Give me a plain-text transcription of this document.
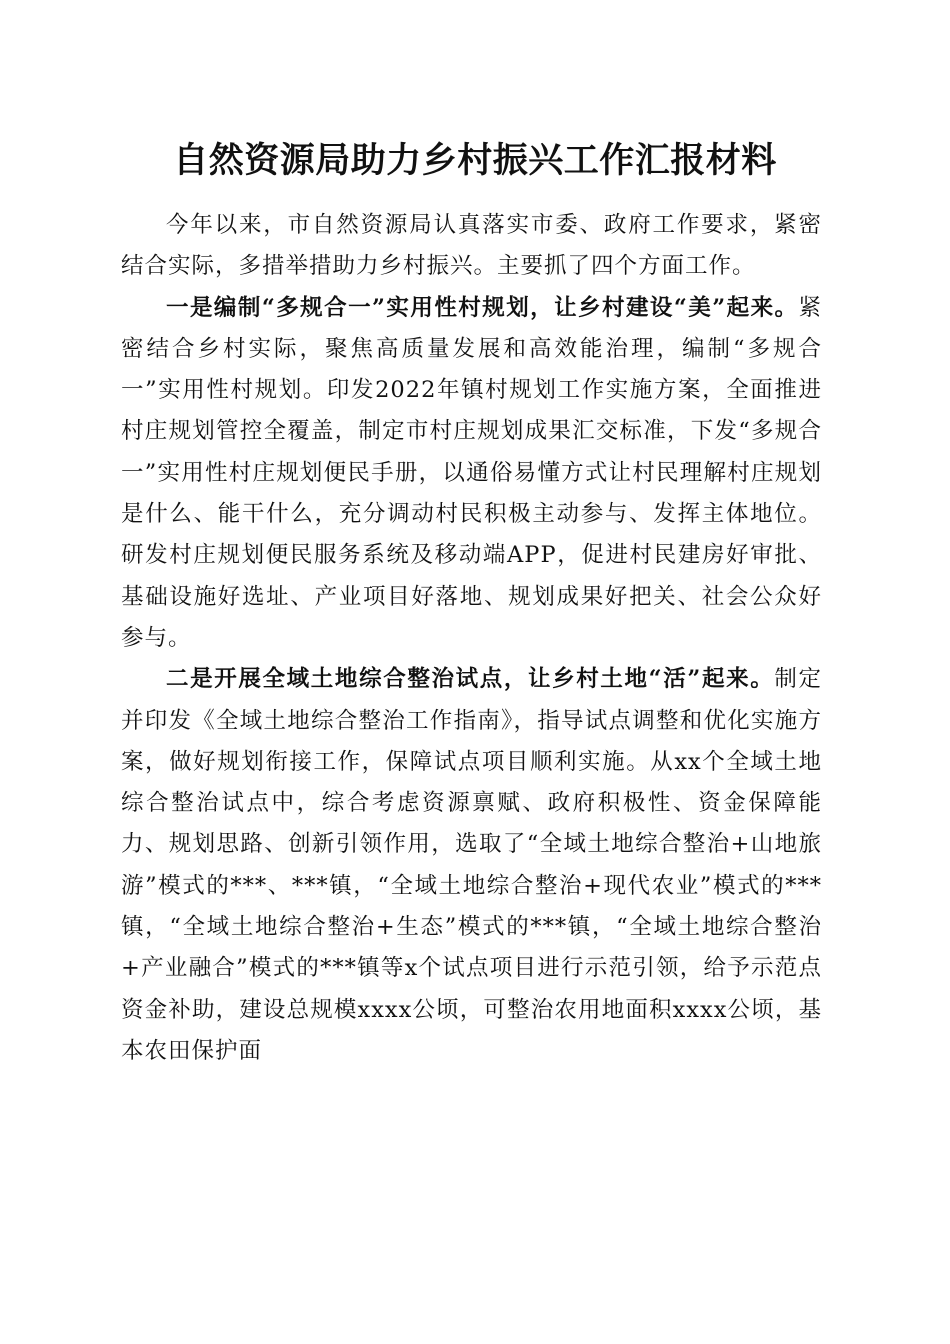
自然资源局助力乡村振兴工作汇报材料

今年以来，市自然资源局认真落实市委、政府工作要求，紧密结合实际，多措举措助力乡村振兴。主要抓了四个方面工作。

一是编制“多规合一”实用性村规划，让乡村建设“美”起来。紧密结合乡村实际，聚焦高质量发展和高效能治理，编制“多规合一”实用性村规划。印发2022年镇村规划工作实施方案，全面推进村庄规划管控全覆盖，制定市村庄规划成果汇交标准，下发“多规合一”实用性村庄规划便民手册，以通俗易懂方式让村民理解村庄规划是什么、能干什么，充分调动村民积极主动参与、发挥主体地位。研发村庄规划便民服务系统及移动端APP，促进村民建房好审批、基础设施好选址、产业项目好落地、规划成果好把关、社会公众好参与。

二是开展全域土地综合整治试点，让乡村土地“活”起来。制定并印发《全域土地综合整治工作指南》，指导试点调整和优化实施方案，做好规划衔接工作，保障试点项目顺利实施。从xx个全域土地综合整治试点中，综合考虑资源禀赋、政府积极性、资金保障能力、规划思路、创新引领作用，选取了“全域土地综合整治+山地旅游”模式的***、***镇，“全域土地综合整治+现代农业”模式的***镇，“全域土地综合整治+生态”模式的***镇，“全域土地综合整治+产业融合”模式的***镇等x个试点项目进行示范引领，给予示范点资金补助，建设总规模xxxx公顷，可整治农用地面积xxxx公顷，基本农田保护面
